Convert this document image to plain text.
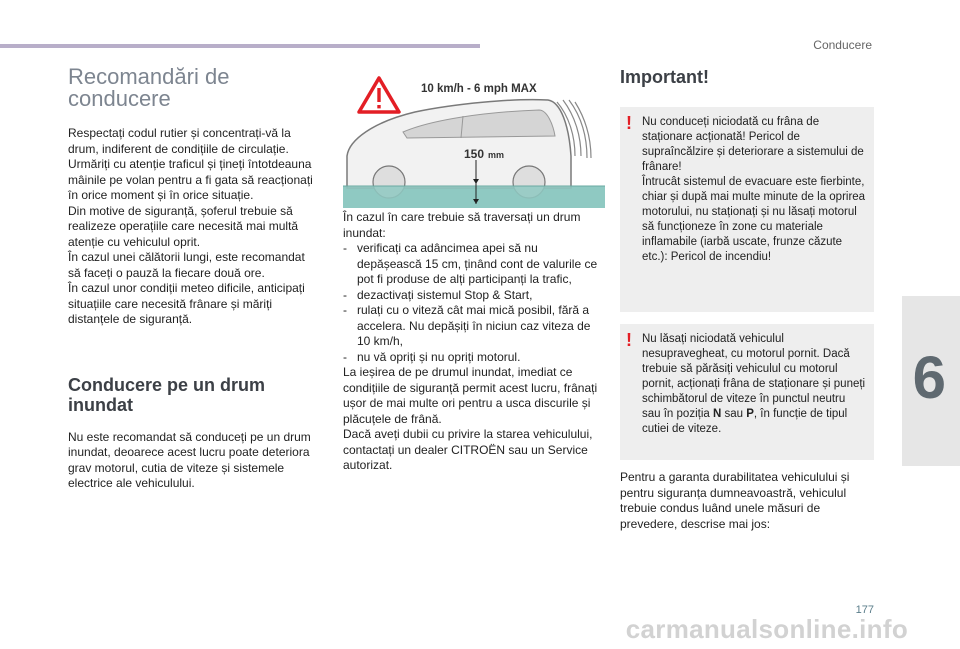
Conducere
6
Recomandări de
conducere

Respectați codul rutier și concentrați-vă la drum, indiferent de condițiile de circulație.

Urmăriți cu atenție traficul și țineți întotdeauna mâinile pe volan pentru a fi gata să reacționați în orice moment și în orice situație.

Din motive de siguranță, șoferul trebuie să realizeze operațiile care necesită mai multă atenție cu vehiculul oprit.

În cazul unei călătorii lungi, este recomandat să faceți o pauză la fiecare două ore.

În cazul unor condiții meteo dificile, anticipați situațiile care necesită frânare și măriți distanțele de siguranță.

Conducere pe un drum
inundat

Nu este recomandat să conduceți pe un drum inundat, deoarece acest lucru poate deteriora grav motorul, cutia de viteze și sistemele electrice ale vehiculului.

10 km/h - 6 mph MAX
150 mm

În cazul în care trebuie să traversați un drum inundat:

- verificați ca adâncimea apei să nu depășească 15 cm, ținând cont de valurile ce pot fi produse de alți participanți la trafic,
- dezactivați sistemul Stop & Start,
- rulați cu o viteză cât mai mică posibil, fără a accelera. Nu depășiți în niciun caz viteza de 10 km/h,
- nu vă opriți și nu opriți motorul.

La ieșirea de pe drumul inundat, imediat ce condițiile de siguranță permit acest lucru, frânați ușor de mai multe ori pentru a usca discurile și plăcuțele de frână.

Dacă aveți dubii cu privire la starea vehiculului, contactați un dealer CITROËN sau un Service autorizat.

Important!
! Nu conduceți niciodată cu frâna de staționare acționată! Pericol de supraîncălzire și deteriorare a sistemului de frânare!

Întrucât sistemul de evacuare este fierbinte, chiar și după mai multe minute de la oprirea motorului, nu staționați și nu lăsați motorul să funcționeze în zone cu materiale inflamabile (iarbă uscate, frunze căzute etc.): Pericol de incendiu!

! Nu lăsați niciodată vehiculul nesupravegheat, cu motorul pornit. Dacă trebuie să părăsiți vehiculul cu motorul pornit, acționați frâna de staționare și puneți schimbătorul de viteze în punctul neutru sau în poziția N sau P, în funcție de tipul cutiei de viteze.

Pentru a garanta durabilitatea vehiculului și pentru siguranța dumneavoastră, vehiculul trebuie condus luând unele măsuri de prevedere, descrise mai jos:

177
carmanualsonline.info
